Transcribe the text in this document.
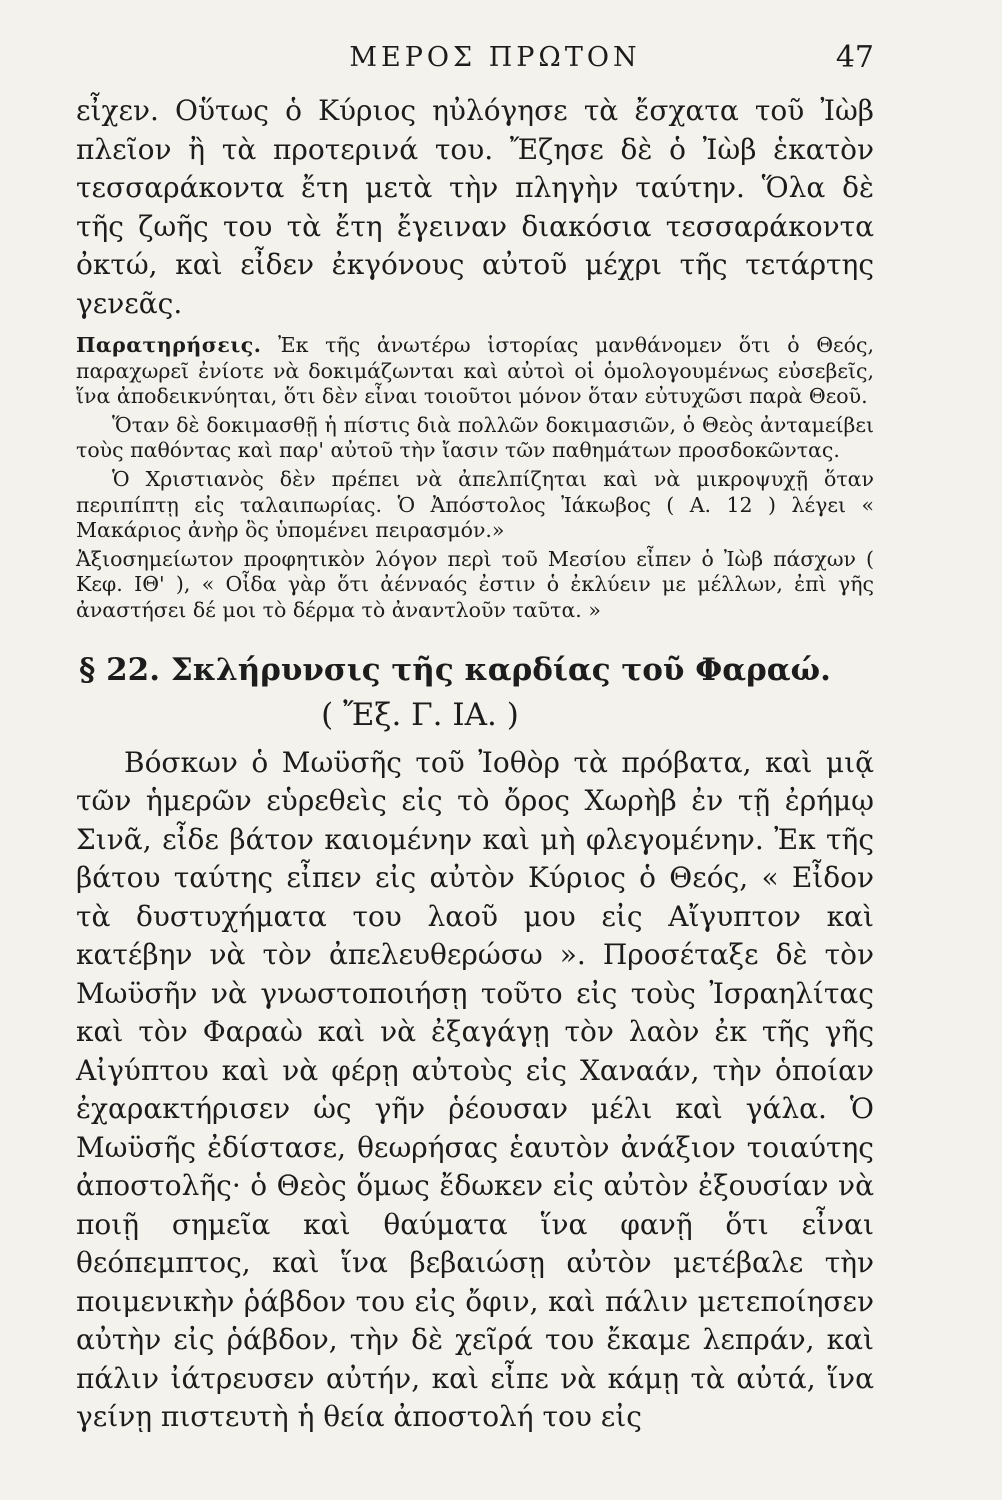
ΜΕΡΟΣ ΠΡΩΤΟΝ	47

εἶχεν. Οὕτως ὁ Κύριος ηὐλόγησε τὰ ἔσχατα τοῦ Ἰὼβ πλεῖον ἢ τὰ προτερινά του. Ἔζησε δὲ ὁ Ἰὼβ ἑκατὸν τεσσαράκοντα ἔτη μετὰ τὴν πληγὴν ταύτην. Ὅλα δὲ τῆς ζωῆς του τὰ ἔτη ἔγειναν διακόσια τεσσαράκοντα ὀκτώ, καὶ εἶδεν ἐκγόνους αὐτοῦ μέχρι τῆς τετάρτης γενεᾶς.

Παρατηρήσεις. Ἐκ τῆς ἀνωτέρω ἱστορίας μανθάνομεν ὅτι ὁ Θεός, παραχωρεῖ ἐνίοτε νὰ δοκιμάζωνται καὶ αὐτοὶ οἱ ὁμολογουμένως εὐσεβεῖς, ἵνα ἀποδεικνύηται, ὅτι δὲν εἶναι τοιοῦτοι μόνον ὅταν εὐτυχῶσι παρὰ Θεοῦ.

Ὅταν δὲ δοκιμασθῇ ἡ πίστις διὰ πολλῶν δοκιμασιῶν, ὁ Θεὸς ἀνταμείβει τοὺς παθόντας καὶ παρ' αὐτοῦ τὴν ἴασιν τῶν παθημάτων προσδοκῶντας.

Ὁ Χριστιανὸς δὲν πρέπει νὰ ἀπελπίζηται καὶ νὰ μικροψυχῇ ὅταν περιπίπτῃ εἰς ταλαιπωρίας. Ὁ Ἀπόστολος Ἰάκωβος ( Α. 12 ) λέγει « Μακάριος ἀνὴρ ὃς ὑπομένει πειρασμόν.»

Ἀξιοσημείωτον προφητικὸν λόγον περὶ τοῦ Μεσίου εἶπεν ὁ Ἰὼβ πάσχων ( Κεφ. ΙΘ' ), « Οἶδα γὰρ ὅτι ἀένναός ἐστιν ὁ ἐκλύειν με μέλλων, ἐπὶ γῆς ἀναστήσει δέ μοι τὸ δέρμα τὸ ἀναντλοῦν ταῦτα. »

§ 22. Σκλήρυνσις τῆς καρδίας τοῦ Φαραώ.
( Ἔξ. Γ. ΙΑ. )

Βόσκων ὁ Μωϋσῆς τοῦ Ἰοθὸρ τὰ πρόβατα, καὶ μιᾷ τῶν ἡμερῶν εὑρεθεὶς εἰς τὸ ὄρος Χωρὴβ ἐν τῇ ἐρήμῳ Σινᾶ, εἶδε βάτον καιομένην καὶ μὴ φλεγομένην. Ἐκ τῆς βάτου ταύτης εἶπεν εἰς αὐτὸν Κύριος ὁ Θεός, « Εἶδον τὰ δυστυχήματα του λαοῦ μου εἰς Αἴγυπτον καὶ κατέβην νὰ τὸν ἀπελευθερώσω ». Προσέταξε δὲ τὸν Μωϋσῆν νὰ γνωστοποιήσῃ τοῦτο εἰς τοὺς Ἰσραηλίτας καὶ τὸν Φαραὼ καὶ νὰ ἐξαγάγῃ τὸν λαὸν ἐκ τῆς γῆς Αἰγύπτου καὶ νὰ φέρῃ αὐτοὺς εἰς Χαναάν, τὴν ὁποίαν ἐχαρακτήρισεν ὡς γῆν ῥέουσαν μέλι καὶ γάλα. Ὁ Μωϋσῆς ἐδίστασε, θεωρήσας ἑαυτὸν ἀνάξιον τοιαύτης ἀποστολῆς· ὁ Θεὸς ὅμως ἔδωκεν εἰς αὐτὸν ἐξουσίαν νὰ ποιῇ σημεῖα καὶ θαύματα ἵνα φανῇ ὅτι εἶναι θεόπεμπτος, καὶ ἵνα βεβαιώσῃ αὐτὸν μετέβαλε τὴν ποιμενικὴν ῥάβδον του εἰς ὄφιν, καὶ πάλιν μετεποίησεν αὐτὴν εἰς ῥάβδον, τὴν δὲ χεῖρά του ἔκαμε λεπράν, καὶ πάλιν ἰάτρευσεν αὐτήν, καὶ εἶπε νὰ κάμῃ τὰ αὐτά, ἵνα γείνῃ πιστευτὴ ἡ θεία ἀποστολή του εἰς
